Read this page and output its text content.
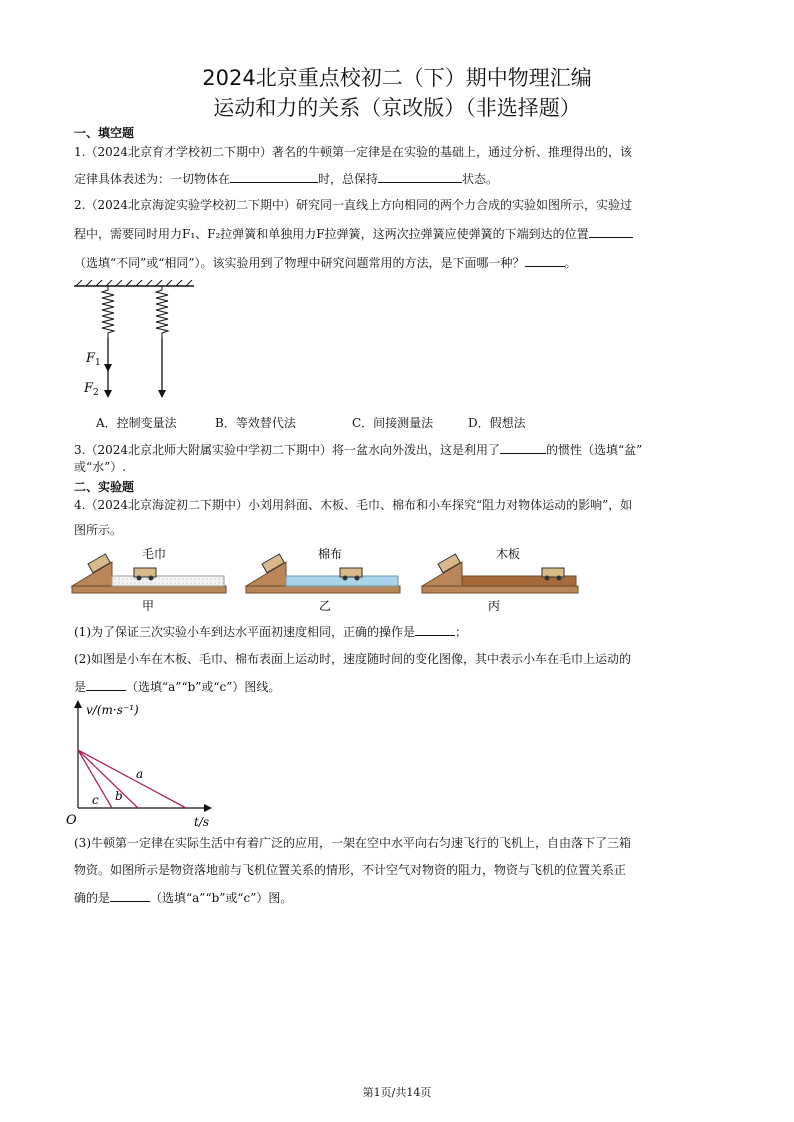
2024北京重点校初二（下）期中物理汇编
运动和力的关系（京改版）（非选择题）
一、填空题
1.（2024北京育才学校初二下期中）著名的牛顿第一定律是在实验的基础上，通过分析、推理得出的，该
定律具体表述为：一切物体在	时，总保持	状态。
2.（2024北京海淀实验学校初二下期中）研究同一直线上方向相同的两个力合成的实验如图所示，实验过
程中，需要同时用力F₁、F₂拉弹簧和单独用力F拉弹簧，这两次拉弹簧应使弹簧的下端到达的位置
（选填“不同”或“相同”）。该实验用到了物理中研究问题常用的方法，是下面哪一种？	。
$F_1$
$F_2$
A．控制变量法	B．等效替代法	C．间接测量法	D．假想法
3.（2024北京北师大附属实验中学初二下期中）将一盆水向外泼出，这是利用了	的惯性（选填“盆”
或“水”）.
二、实验题
4.（2024北京海淀初二下期中）小刘用斜面、木板、毛巾、棉布和小车探究“阻力对物体运动的影响”，如
图所示。
毛巾
甲
棉布
乙
木板
丙
(1)为了保证三次实验小车到达水平面初速度相同，正确的操作是	；
(2)如图是小车在木板、毛巾、棉布表面上运动时，速度随时间的变化图像，其中表示小车在毛巾上运动的
是	（选填“a”“b”或“c”）图线。
v/(m·s⁻¹)
t/s
O
a
b
c
(3)牛顿第一定律在实际生活中有着广泛的应用，一架在空中水平向右匀速飞行的飞机上，自由落下了三箱
物资。如图所示是物资落地前与飞机位置关系的情形，不计空气对物资的阻力，物资与飞机的位置关系正
确的是	（选填“a”“b”或“c”）图。
第1页/共14页
